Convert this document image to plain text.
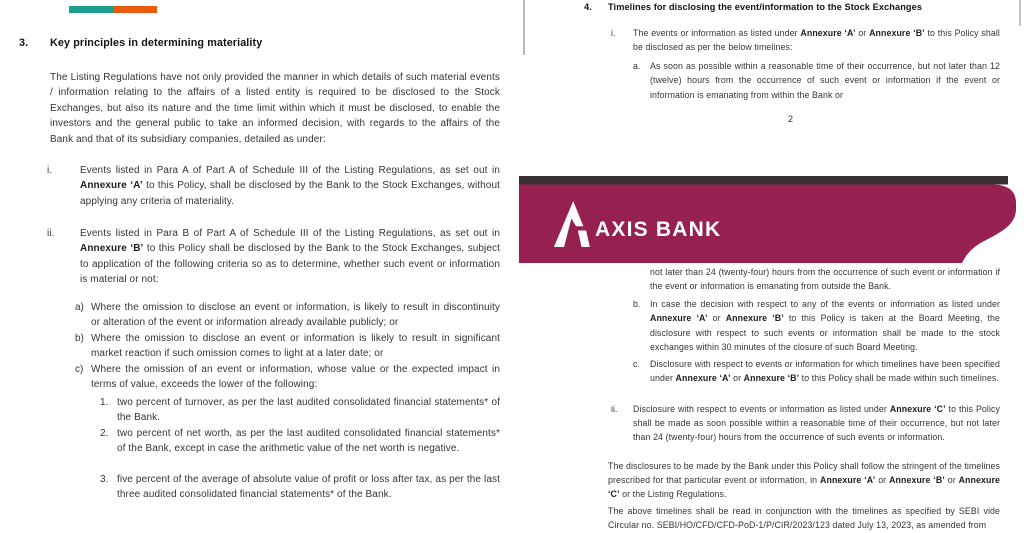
3. Key principles in determining materiality
The Listing Regulations have not only provided the manner in which details of such material events / information relating to the affairs of a listed entity is required to be disclosed to the Stock Exchanges, but also its nature and the time limit within which it must be disclosed, to enable the investors and the general public to take an informed decision, with regards to the affairs of the Bank and that of its subsidiary companies, detailed as under:
i.	Events listed in Para A of Part A of Schedule III of the Listing Regulations, as set out in Annexure ‘A’ to this Policy, shall be disclosed by the Bank to the Stock Exchanges, without applying any criteria of materiality.
ii.	Events listed in Para B of Part A of Schedule III of the Listing Regulations, as set out in Annexure ‘B’ to this Policy shall be disclosed by the Bank to the Stock Exchanges, subject to application of the following criteria so as to determine, whether such event or information is material or not:
a) Where the omission to disclose an event or information, is likely to result in discontinuity or alteration of the event or information already available publicly; or
b) Where the omission to disclose an event or information is likely to result in significant market reaction if such omission comes to light at a later date; or
c) Where the omission of an event or information, whose value or the expected impact in terms of value, exceeds the lower of the following:
1. two percent of turnover, as per the last audited consolidated financial statements* of the Bank.
2. two percent of net worth, as per the last audited consolidated financial statements* of the Bank, except in case the arithmetic value of the net worth is negative.
3. five percent of the average of absolute value of profit or loss after tax, as per the last three audited consolidated financial statements* of the Bank.
4. Timelines for disclosing the event/information to the Stock Exchanges
i. The events or information as listed under Annexure ‘A’ or Annexure ‘B’ to this Policy shall be disclosed as per the below timelines:
a. As soon as possible within a reasonable time of their occurrence, but not later than 12 (twelve) hours from the occurrence of such event or information if the event or information is emanating from within the Bank or
2
AXIS BANK
not later than 24 (twenty-four) hours from the occurrence of such event or information if the event or information is emanating from outside the Bank.
b. In case the decision with respect to any of the events or information as listed under Annexure ‘A’ or Annexure ‘B’ to this Policy is taken at the Board Meeting, the disclosure with respect to such events or information shall be made to the stock exchanges within 30 minutes of the closure of such Board Meeting.
c. Disclosure with respect to events or information for which timelines have been specified under Annexure ‘A’ or Annexure ‘B’ to this Policy shall be made within such timelines.
ii. Disclosure with respect to events or information as listed under Annexure ‘C’ to this Policy shall be made as soon possible within a reasonable time of their occurrence, but not later than 24 (twenty-four) hours from the occurrence of such events or information.
The disclosures to be made by the Bank under this Policy shall follow the stringent of the timelines prescribed for that particular event or information, in Annexure ‘A’ or Annexure ‘B’ or Annexure ‘C’ or the Listing Regulations.
The above timelines shall be read in conjunction with the timelines as specified by SEBI vide Circular no. SEBI/HO/CFD/CFD-PoD-1/P/CIR/2023/123 dated July 13, 2023, as amended from
